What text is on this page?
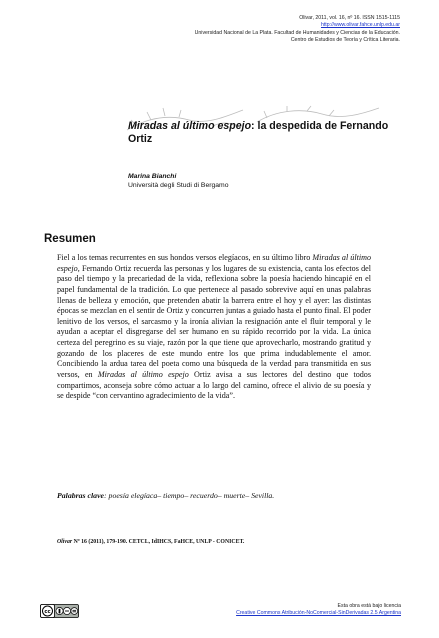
Olivar, 2011, vol. 16, nº 16. ISSN 1515-1115
http://www.olivar.fahce.unlp.edu.ar
Universidad Nacional de La Plata. Facultad de Humanidades y Ciencias de la Educación.
Centro de Estudios de Teoría y Crítica Literaria.
Miradas al último espejo: la despedida de Fernando Ortiz
Marina Bianchi
Università degli Studi di Bergamo
Resumen

Fiel a los temas recurrentes en sus hondos versos elegíacos, en su último libro Miradas al último espejo, Fernando Ortiz recuerda las personas y los lugares de su existencia, canta los efectos del paso del tiempo y la precariedad de la vida, reflexiona sobre la poesía haciendo hincapié en el papel fundamental de la tradición. Lo que pertenece al pasado sobrevive aquí en unas palabras llenas de belleza y emoción, que pretenden abatir la barrera entre el hoy y el ayer: las distintas épocas se mezclan en el sentir de Ortiz y concurren juntas a guiado hasta el punto final. El poder lenitivo de los versos, el sarcasmo y la ironía alivian la resignación ante el fluir temporal y le ayudan a aceptar el disgregarse del ser humano en su rápido recorrido por la vida. La única certeza del peregrino es su viaje, razón por la que tiene que aprovecharlo, mostrando gratitud y gozando de los placeres de este mundo entre los que prima indudablemente el amor. Concibiendo la ardua tarea del poeta como una búsqueda de la verdad para transmitida en sus versos, en Miradas al último espejo Ortiz avisa a sus lectores del destino que todos compartimos, aconseja sobre cómo actuar a lo largo del camino, ofrece el alivio de su poesía y se despide “con cervantino agradecimiento de la vida”.

Palabras clave: poesía elegíaca– tiempo– recuerdo– muerte– Sevilla.
Olivar Nº 16 (2011), 179-190. CETCL, IdIHCS, FaHCE, UNLP - CONICET.
cc
Esta obra está bajo licencia
Creative Commons Atribución-NoComercial-SinDerivadas 2.5 Argentina
